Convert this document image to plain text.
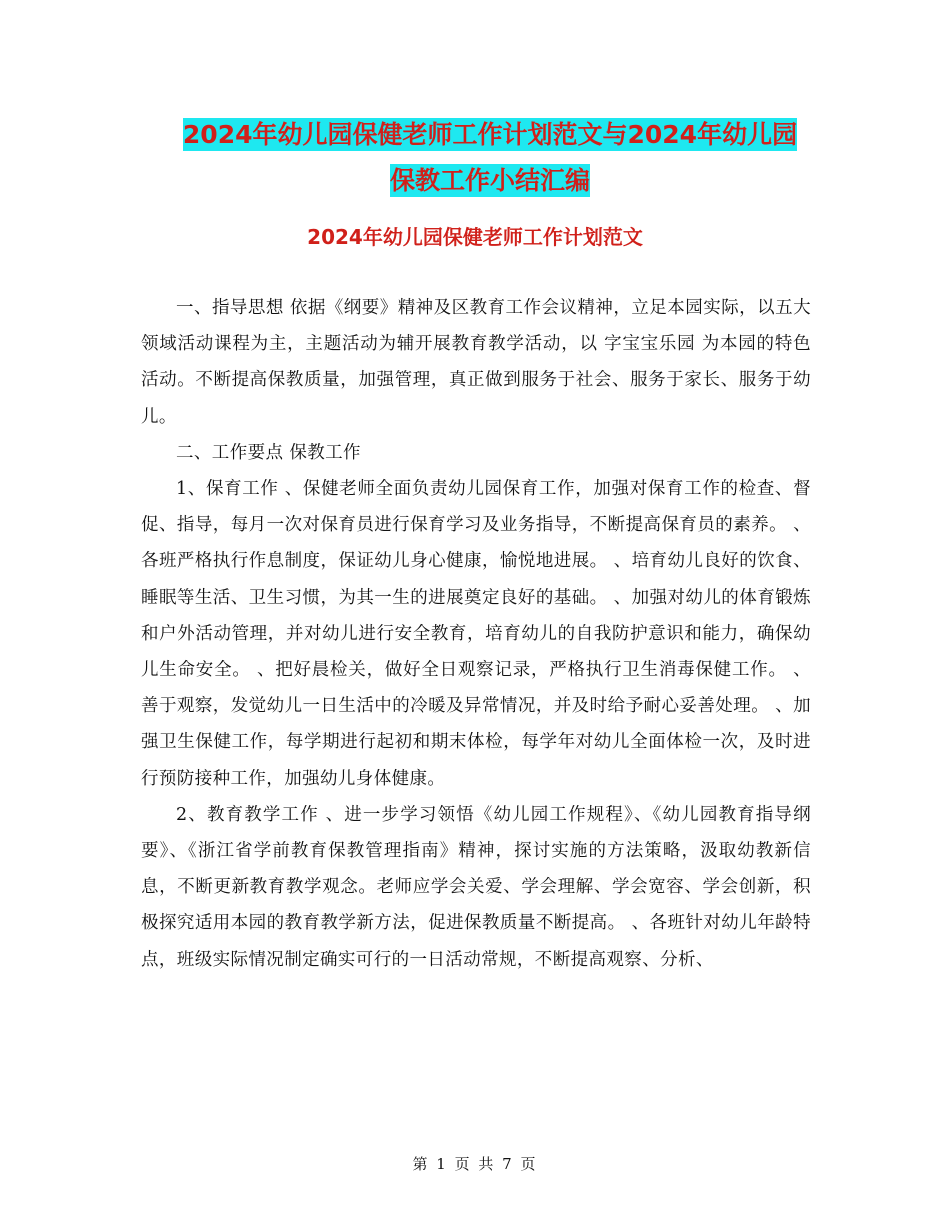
2024年幼儿园保健老师工作计划范文与2024年幼儿园
保教工作小结汇编
2024年幼儿园保健老师工作计划范文

一、指导思想 依据《纲要》精神及区教育工作会议精神，立足本园实际，以五大领域活动课程为主，主题活动为辅开展教育教学活动，以 字宝宝乐园 为本园的特色活动。不断提高保教质量，加强管理，真正做到服务于社会、服务于家长、服务于幼儿。

二、工作要点 保教工作

1、保育工作 、保健老师全面负责幼儿园保育工作，加强对保育工作的检查、督促、指导，每月一次对保育员进行保育学习及业务指导，不断提高保育员的素养。 、各班严格执行作息制度，保证幼儿身心健康，愉悦地进展。 、培育幼儿良好的饮食、睡眠等生活、卫生习惯，为其一生的进展奠定良好的基础。 、加强对幼儿的体育锻炼和户外活动管理，并对幼儿进行安全教育，培育幼儿的自我防护意识和能力，确保幼儿生命安全。 、把好晨检关，做好全日观察记录，严格执行卫生消毒保健工作。 、善于观察，发觉幼儿一日生活中的冷暖及异常情况，并及时给予耐心妥善处理。 、加强卫生保健工作，每学期进行起初和期末体检，每学年对幼儿全面体检一次，及时进行预防接种工作，加强幼儿身体健康。

2、教育教学工作 、进一步学习领悟《幼儿园工作规程》、《幼儿园教育指导纲要》、《浙江省学前教育保教管理指南》精神，探讨实施的方法策略，汲取幼教新信息，不断更新教育教学观念。老师应学会关爱、学会理解、学会宽容、学会创新，积极探究适用本园的教育教学新方法，促进保教质量不断提高。 、各班针对幼儿年龄特点，班级实际情况制定确实可行的一日活动常规，不断提高观察、分析、

第 1 页 共 7 页
